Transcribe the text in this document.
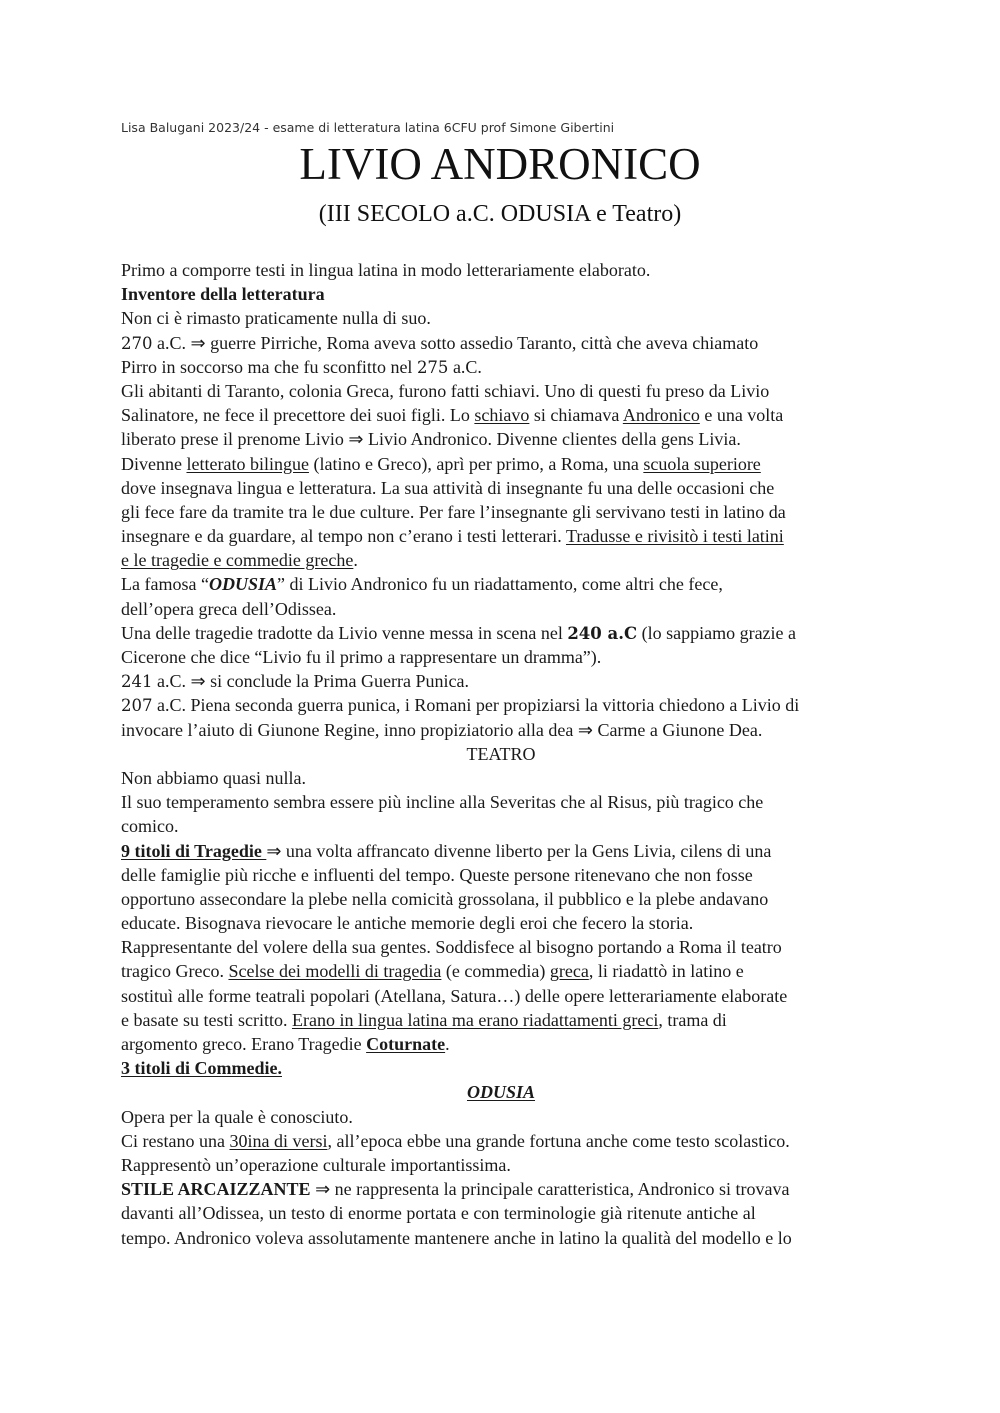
Lisa Balugani 2023/24 - esame di letteratura latina 6CFU prof Simone Gibertini
LIVIO ANDRONICO
(III SECOLO a.C. ODUSIA e Teatro)
Primo a comporre testi in lingua latina in modo letterariamente elaborato.
Inventore della letteratura
Non ci è rimasto praticamente nulla di suo.
270 a.C. ⇒ guerre Pirriche, Roma aveva sotto assedio Taranto, città che aveva chiamato
Pirro in soccorso ma che fu sconfitto nel 275 a.C.
Gli abitanti di Taranto, colonia Greca, furono fatti schiavi. Uno di questi fu preso da Livio
Salinatore, ne fece il precettore dei suoi figli. Lo schiavo si chiamava Andronico e una volta
liberato prese il prenome Livio ⇒ Livio Andronico. Divenne clientes della gens Livia.
Divenne letterato bilingue (latino e Greco), aprì per primo, a Roma, una scuola superiore
dove insegnava lingua e letteratura. La sua attività di insegnante fu una delle occasioni che
gli fece fare da tramite tra le due culture. Per fare l’insegnante gli servivano testi in latino da
insegnare e da guardare, al tempo non c’erano i testi letterari. Tradusse e rivisitò i testi latini
e le tragedie e commedie greche.
La famosa “ODUSIA” di Livio Andronico fu un riadattamento, come altri che fece,
dell’opera greca dell’Odissea.
Una delle tragedie tradotte da Livio venne messa in scena nel 240 a.C (lo sappiamo grazie a
Cicerone che dice “Livio fu il primo a rappresentare un dramma”).
241 a.C. ⇒ si conclude la Prima Guerra Punica.
207 a.C. Piena seconda guerra punica, i Romani per propiziarsi la vittoria chiedono a Livio di
invocare l’aiuto di Giunone Regine, inno propiziatorio alla dea ⇒ Carme a Giunone Dea.
TEATRO
Non abbiamo quasi nulla.
Il suo temperamento sembra essere più incline alla Severitas che al Risus, più tragico che
comico.
9 titoli di Tragedie ⇒ una volta affrancato divenne liberto per la Gens Livia, cilens di una
delle famiglie più ricche e influenti del tempo. Queste persone ritenevano che non fosse
opportuno assecondare la plebe nella comicità grossolana, il pubblico e la plebe andavano
educate. Bisognava rievocare le antiche memorie degli eroi che fecero la storia.
Rappresentante del volere della sua gentes. Soddisfece al bisogno portando a Roma il teatro
tragico Greco. Scelse dei modelli di tragedia (e commedia) greca, li riadattò in latino e
sostituì alle forme teatrali popolari (Atellana, Satura…) delle opere letterariamente elaborate
e basate su testi scritto. Erano in lingua latina ma erano riadattamenti greci, trama di
argomento greco. Erano Tragedie Coturnate.
3 titoli di Commedie.
ODUSIA
Opera per la quale è conosciuto.
Ci restano una 30ina di versi, all’epoca ebbe una grande fortuna anche come testo scolastico.
Rappresentò un’operazione culturale importantissima.
STILE ARCAIZZANTE ⇒ ne rappresenta la principale caratteristica, Andronico si trovava
davanti all’Odissea, un testo di enorme portata e con terminologie già ritenute antiche al
tempo. Andronico voleva assolutamente mantenere anche in latino la qualità del modello e lo
